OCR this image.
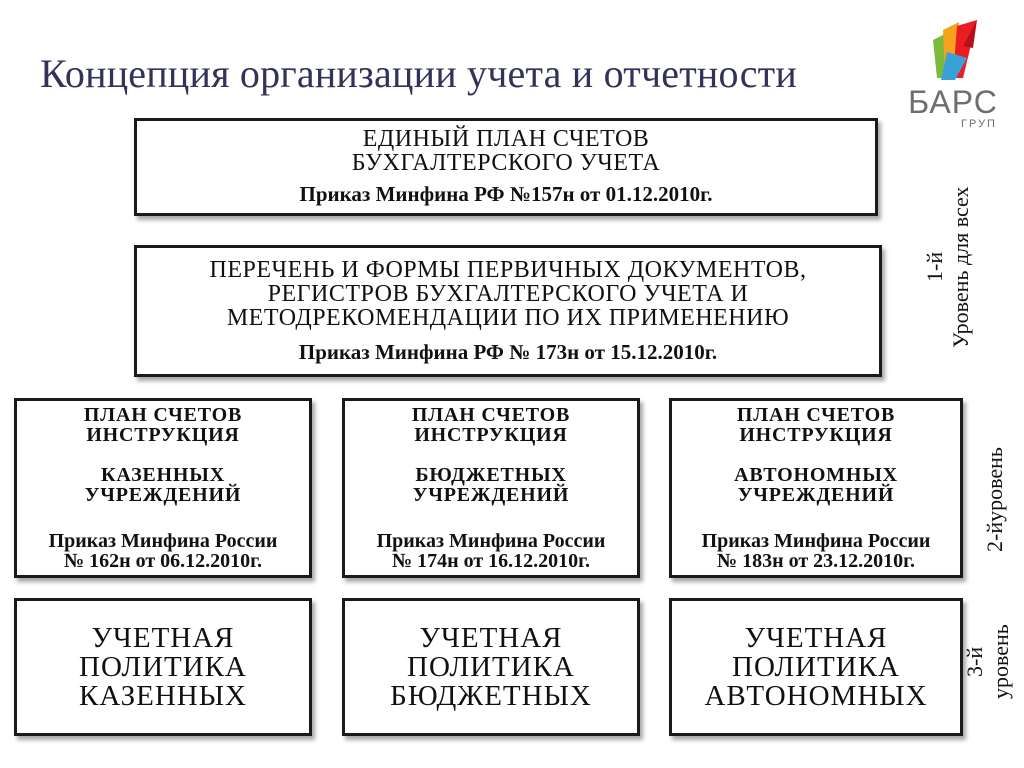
Концепция организации учета и отчетности
БАРС
ГРУП
ЕДИНЫЙ ПЛАН СЧЕТОВ
БУХГАЛТЕРСКОГО УЧЕТА
Приказ Минфина РФ №157н от 01.12.2010г.
ПЕРЕЧЕНЬ И ФОРМЫ ПЕРВИЧНЫХ ДОКУМЕНТОВ,
РЕГИСТРОВ БУХГАЛТЕРСКОГО УЧЕТА И
МЕТОДРЕКОМЕНДАЦИИ ПО ИХ ПРИМЕНЕНИЮ
Приказ Минфина РФ № 173н от 15.12.2010г.
ПЛАН СЧЕТОВ
ИНСТРУКЦИЯ
КАЗЕННЫХ
УЧРЕЖДЕНИЙ
Приказ Минфина России
№ 162н от 06.12.2010г.
ПЛАН СЧЕТОВ
ИНСТРУКЦИЯ
БЮДЖЕТНЫХ
УЧРЕЖДЕНИЙ
Приказ Минфина России
№ 174н от 16.12.2010г.
ПЛАН СЧЕТОВ
ИНСТРУКЦИЯ
АВТОНОМНЫХ
УЧРЕЖДЕНИЙ
Приказ Минфина России
№ 183н от 23.12.2010г.
УЧЕТНАЯ
ПОЛИТИКА
КАЗЕННЫХ
УЧЕТНАЯ
ПОЛИТИКА
БЮДЖЕТНЫХ
УЧЕТНАЯ
ПОЛИТИКА
АВТОНОМНЫХ
1-й Уровень для всех
2-йуровень
3-й уровень
